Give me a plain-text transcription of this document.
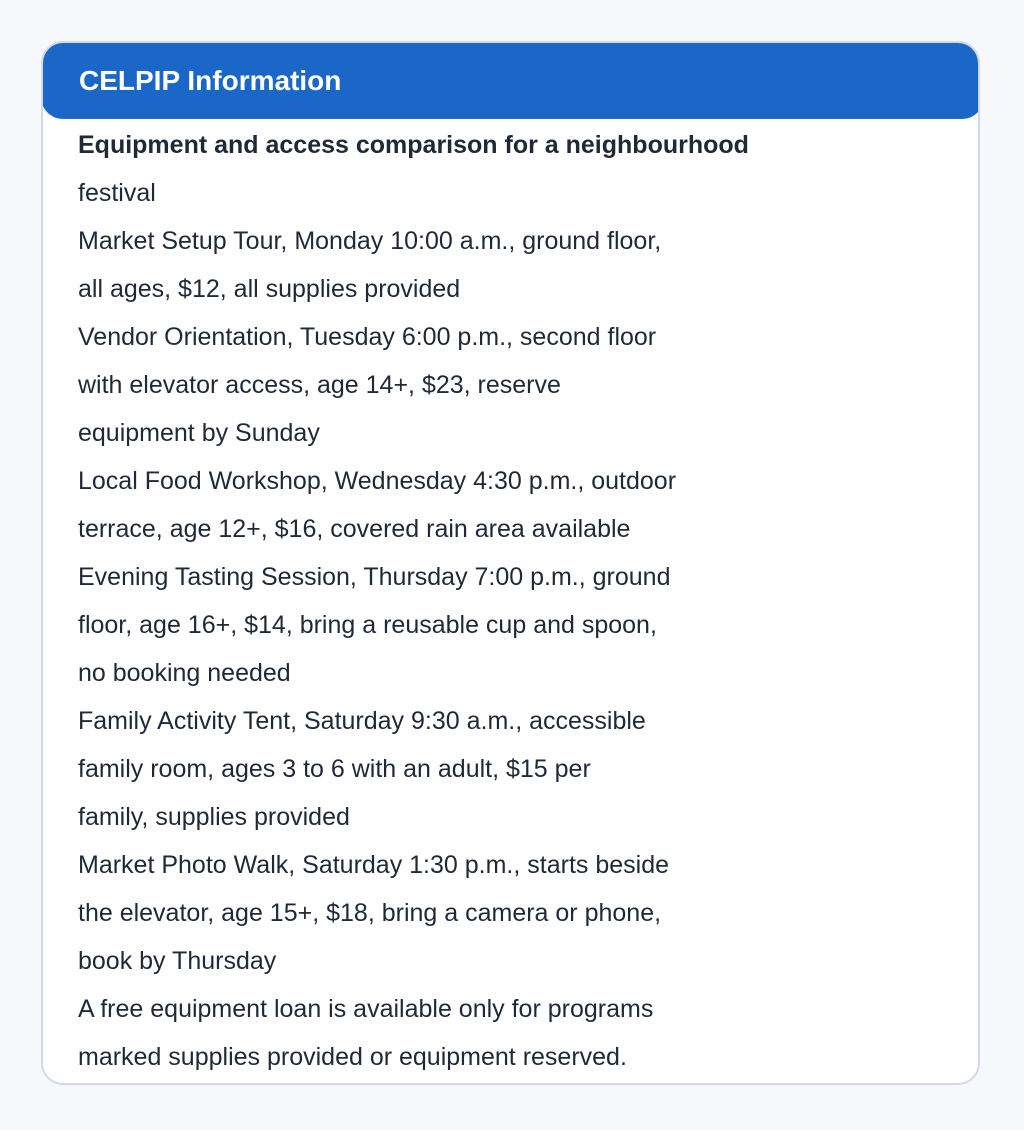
CELPIP Information
Equipment and access comparison for a neighbourhood
festival
Market Setup Tour, Monday 10:00 a.m., ground floor,
all ages, $12, all supplies provided
Vendor Orientation, Tuesday 6:00 p.m., second floor
with elevator access, age 14+, $23, reserve
equipment by Sunday
Local Food Workshop, Wednesday 4:30 p.m., outdoor
terrace, age 12+, $16, covered rain area available
Evening Tasting Session, Thursday 7:00 p.m., ground
floor, age 16+, $14, bring a reusable cup and spoon,
no booking needed
Family Activity Tent, Saturday 9:30 a.m., accessible
family room, ages 3 to 6 with an adult, $15 per
family, supplies provided
Market Photo Walk, Saturday 1:30 p.m., starts beside
the elevator, age 15+, $18, bring a camera or phone,
book by Thursday
A free equipment loan is available only for programs
marked supplies provided or equipment reserved.
